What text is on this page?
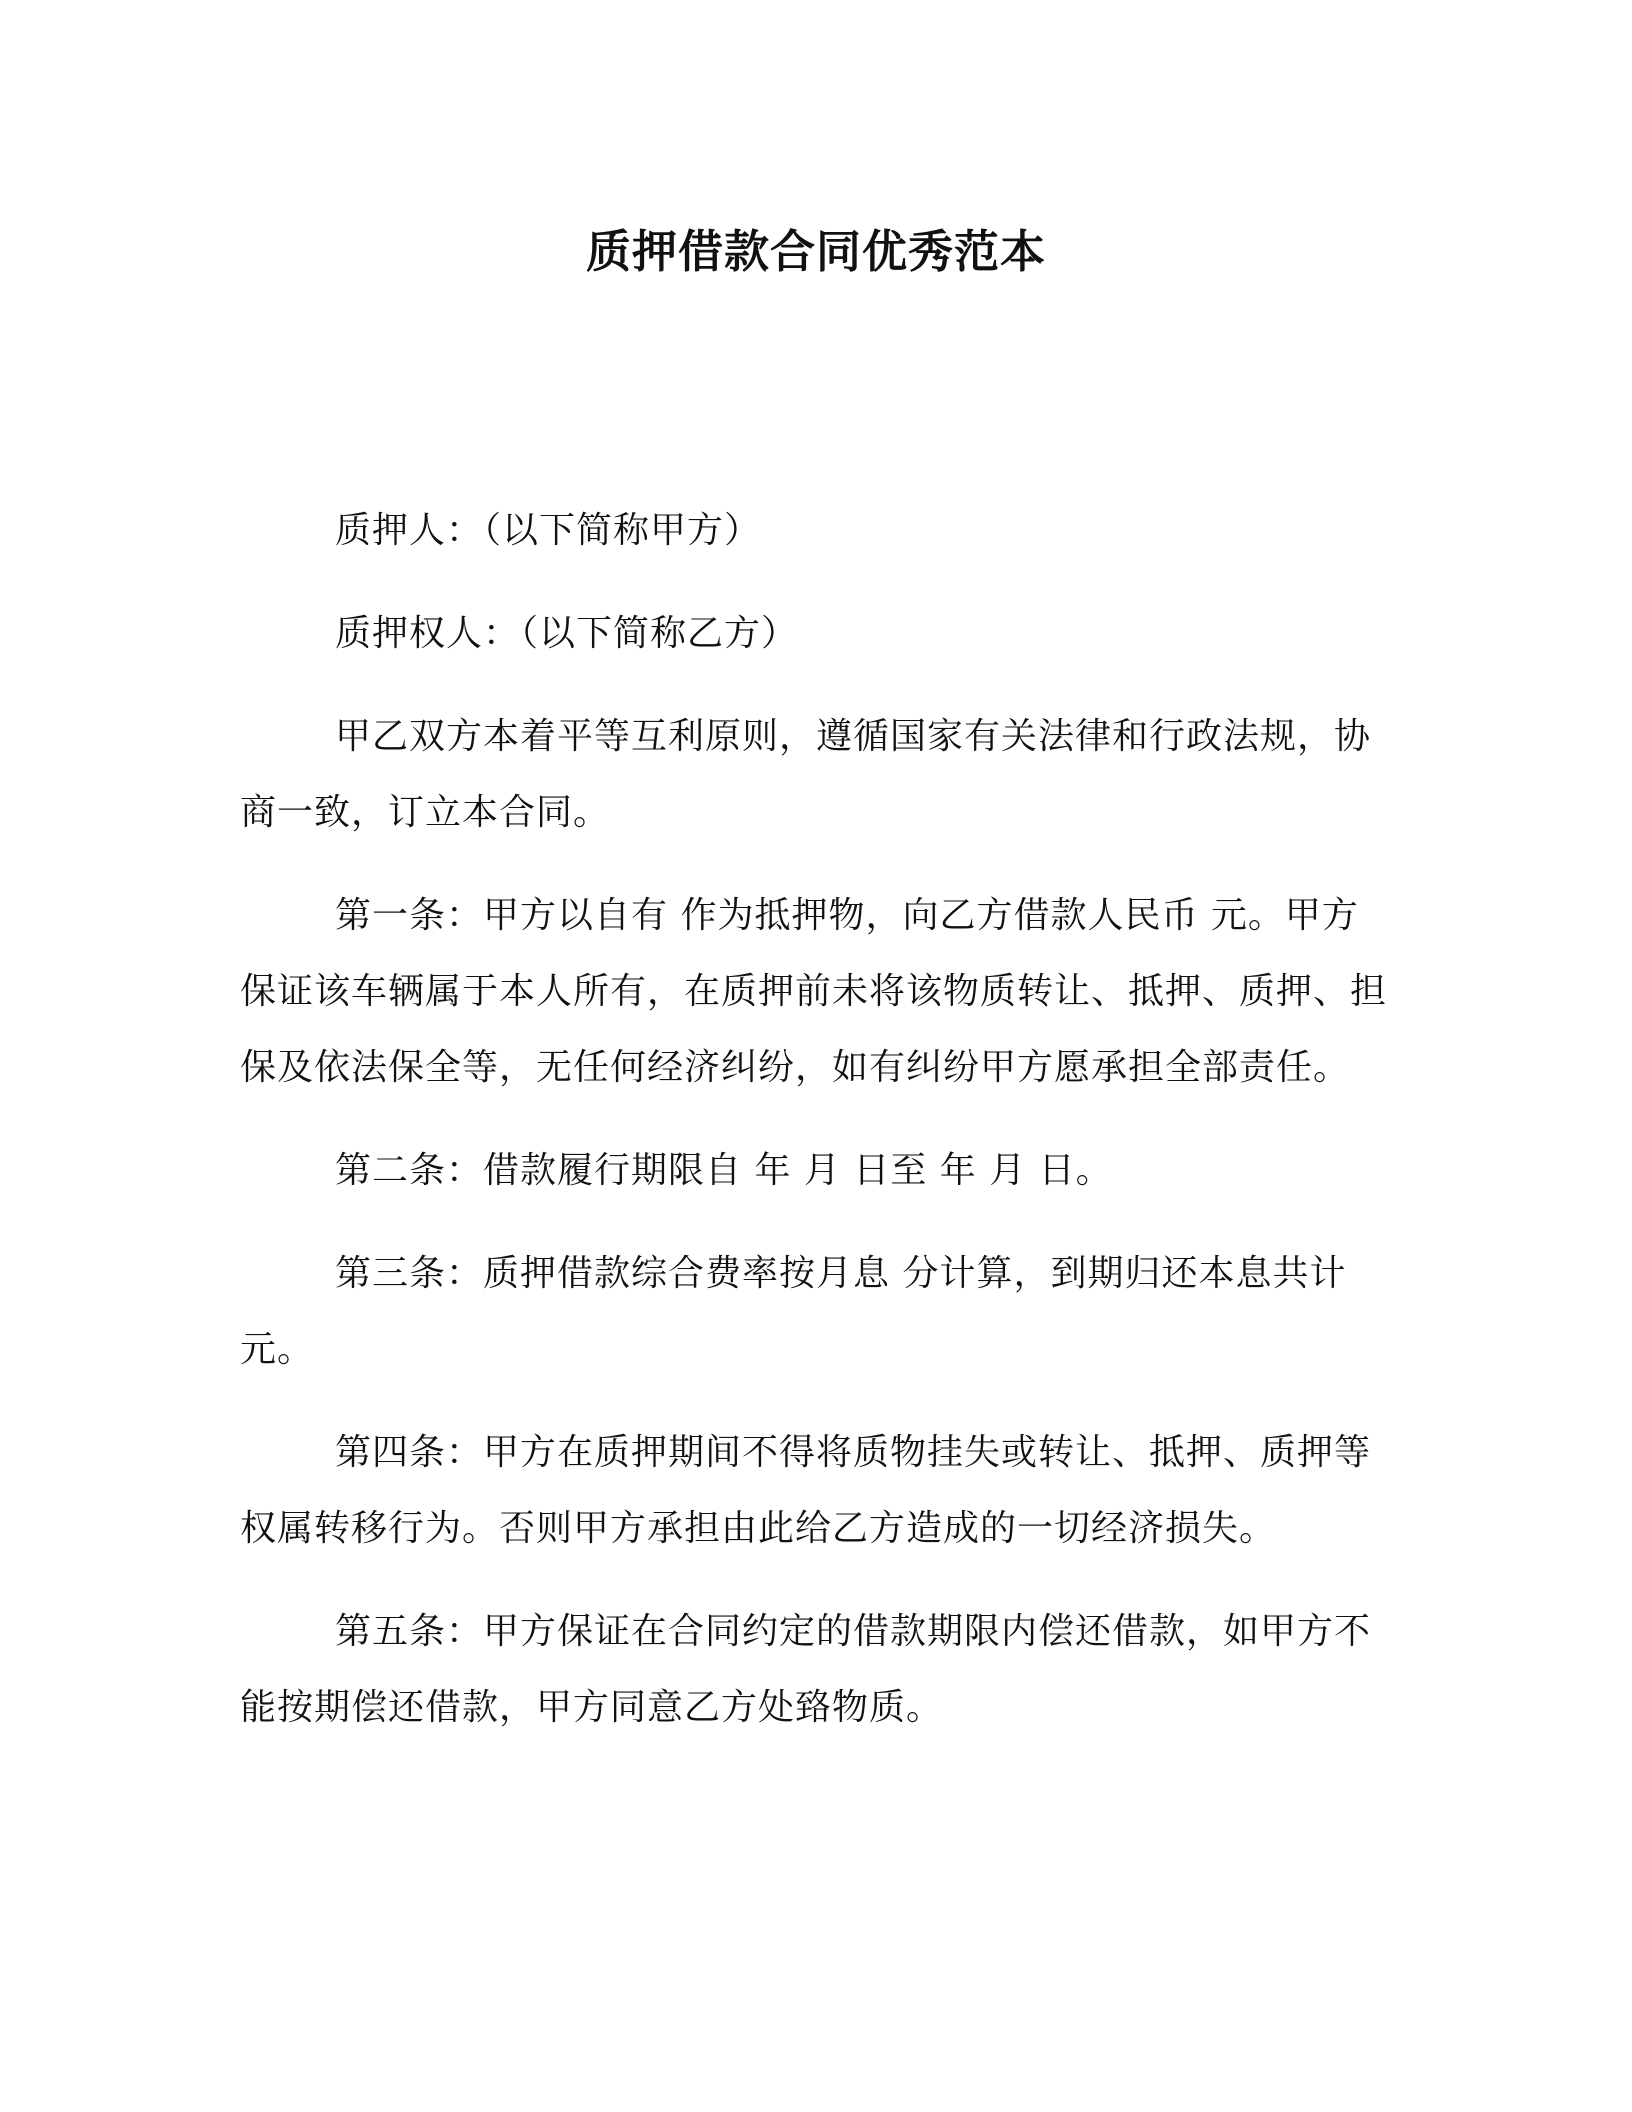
质押借款合同优秀范本

质押人：（以下简称甲方）

质押权人：（以下简称乙方）

甲乙双方本着平等互利原则，遵循国家有关法律和行政法规，协商一致，订立本合同。

第一条：甲方以自有 作为抵押物，向乙方借款人民币 元。甲方保证该车辆属于本人所有，在质押前未将该物质转让、抵押、质押、担保及依法保全等，无任何经济纠纷，如有纠纷甲方愿承担全部责任。

第二条：借款履行期限自 年 月 日至 年 月 日。

第三条：质押借款综合费率按月息 分计算，到期归还本息共计 元。

第四条：甲方在质押期间不得将质物挂失或转让、抵押、质押等权属转移行为。否则甲方承担由此给乙方造成的一切经济损失。

第五条：甲方保证在合同约定的借款期限内偿还借款，如甲方不能按期偿还借款，甲方同意乙方处臵物质。
